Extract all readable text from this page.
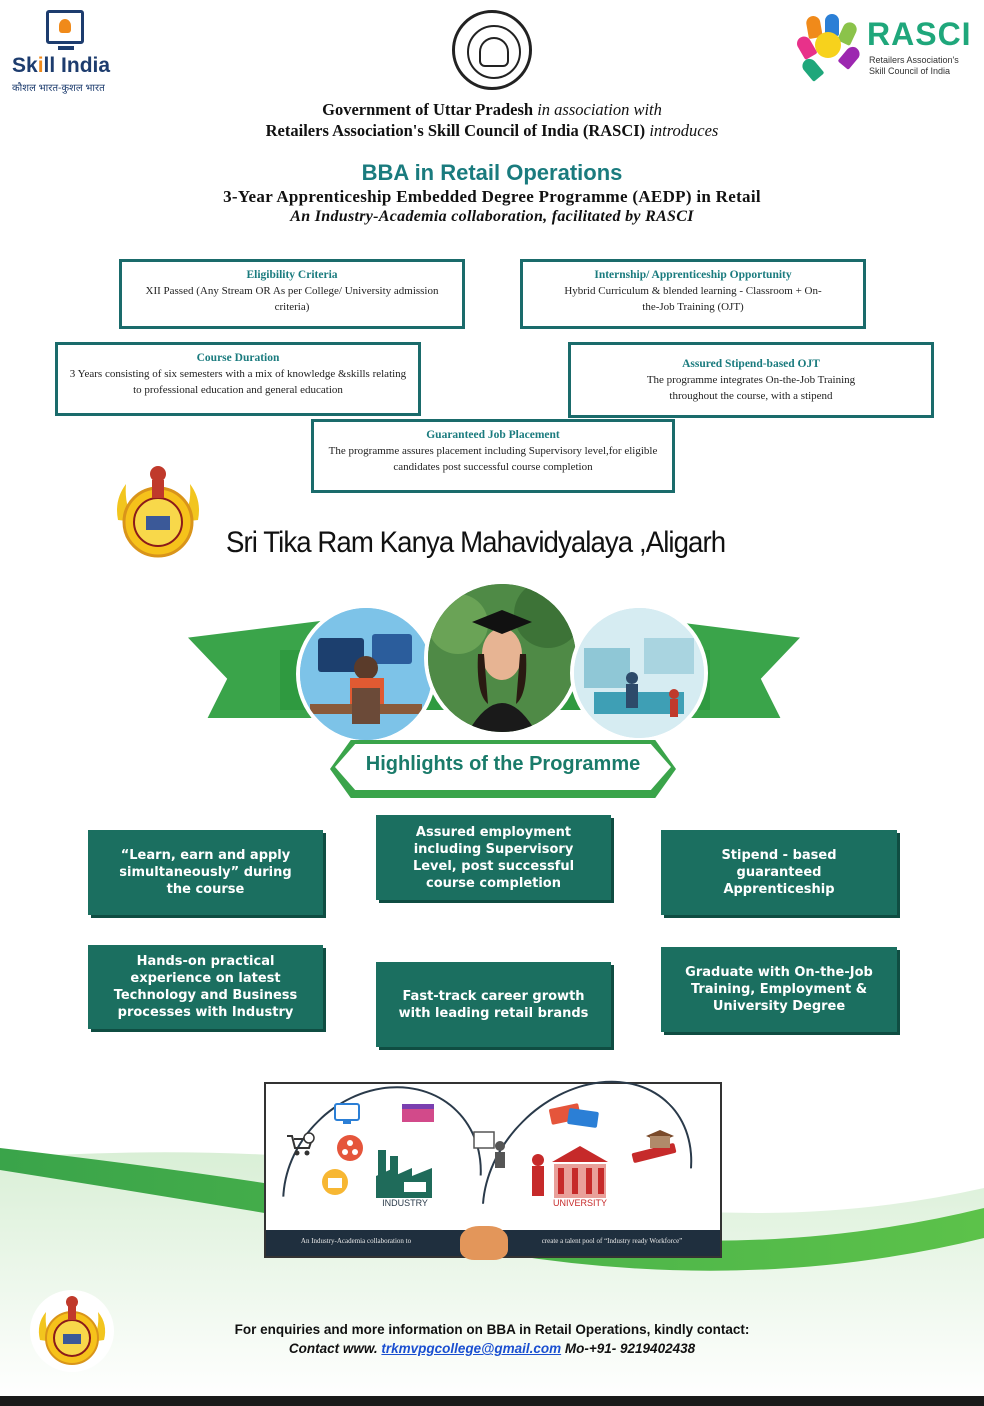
Skill India
कौशल भारत-कुशल भारत
RASCI
Retailers Association's
Skill Council of India
Government of Uttar Pradesh in association with
Retailers Association's Skill Council of India (RASCI) introduces
BBA in Retail Operations
3-Year Apprenticeship Embedded Degree Programme (AEDP) in Retail
An Industry-Academia collaboration, facilitated by RASCI
Eligibility Criteria
XII Passed (Any Stream OR As per College/ University admission criteria)
Internship/ Apprenticeship Opportunity
Hybrid Curriculum & blended learning - Classroom + On-the-Job Training (OJT)
Course Duration
3 Years consisting of six semesters with a mix of knowledge &skills relating to professional education and general education
Assured Stipend-based OJT
The programme integrates On-the-Job Training throughout the course, with a stipend
Guaranteed Job Placement
The programme assures placement including Supervisory level,for eligible candidates post successful course completion
Sri Tika Ram Kanya Mahavidyalaya ,Aligarh
Highlights of the Programme
“Learn, earn and apply simultaneously” during the course
Assured employment including Supervisory Level, post successful course completion
Stipend - based guaranteed Apprenticeship
Hands-on practical experience on latest Technology and Business processes with Industry
Fast-track career growth with leading retail brands
Graduate with On-the-Job Training, Employment & University Degree
INDUSTRY	UNIVERSITY
An Industry-Academia collaboration to	create a talent pool of “Industry ready Workforce”
For enquiries and more information on BBA in Retail Operations, kindly contact:
Contact www. trkmvpgcollege@gmail.com Mo-+91- 9219402438
